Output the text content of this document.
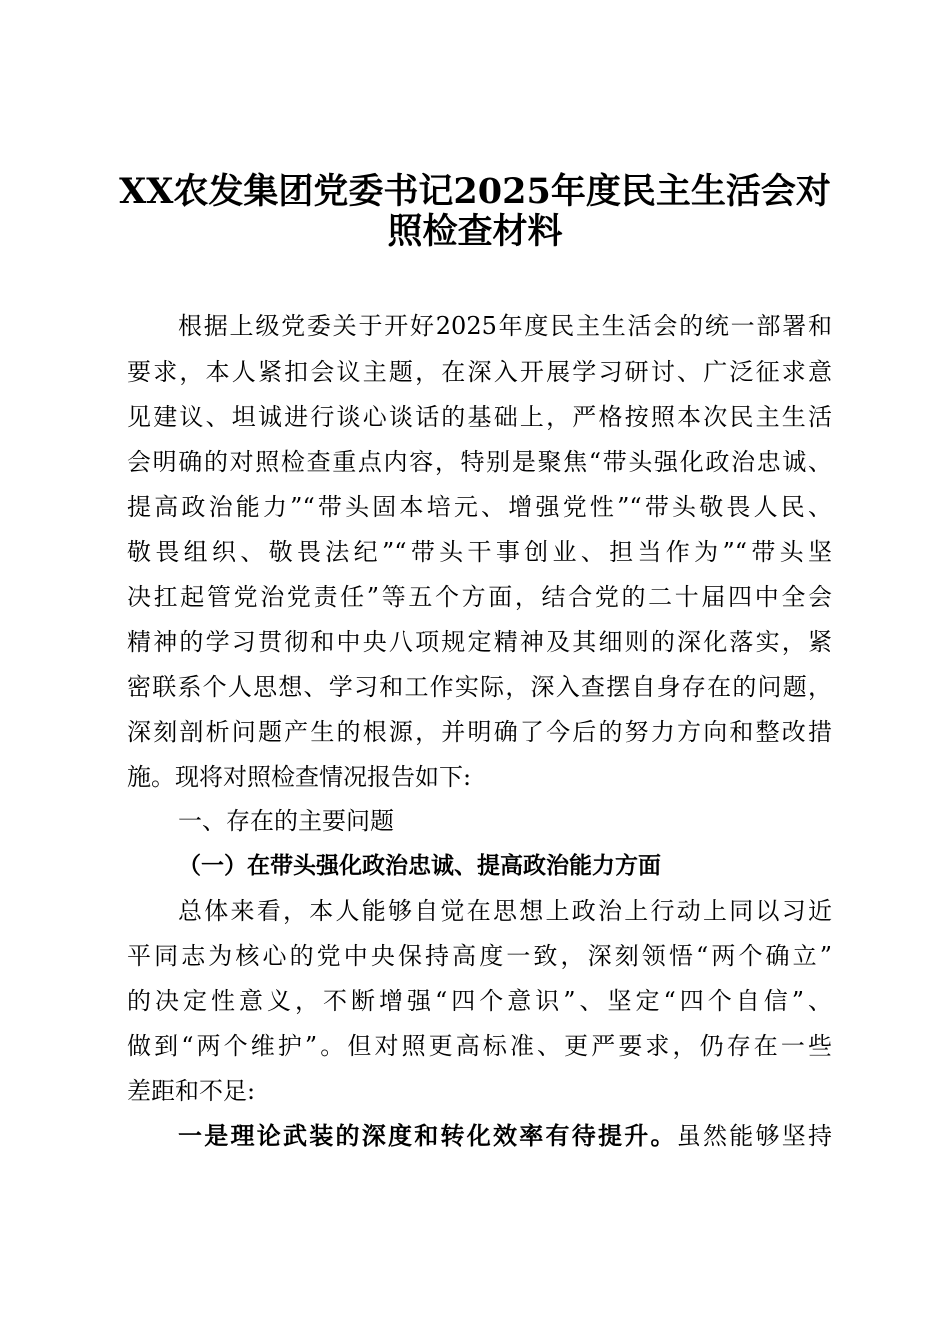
XX农发集团党委书记2025年度民主生活会对
照检查材料
根据上级党委关于开好2025年度民主生活会的统一部署和
要求，本人紧扣会议主题，在深入开展学习研讨、广泛征求意
见建议、坦诚进行谈心谈话的基础上，严格按照本次民主生活
会明确的对照检查重点内容，特别是聚焦“带头强化政治忠诚、
提高政治能力”“带头固本培元、增强党性”“带头敬畏人民、
敬畏组织、敬畏法纪”“带头干事创业、担当作为”“带头坚
决扛起管党治党责任”等五个方面，结合党的二十届四中全会
精神的学习贯彻和中央八项规定精神及其细则的深化落实，紧
密联系个人思想、学习和工作实际，深入查摆自身存在的问题，
深刻剖析问题产生的根源，并明确了今后的努力方向和整改措
施。现将对照检查情况报告如下:
一、存在的主要问题
（一）在带头强化政治忠诚、提高政治能力方面
总体来看，本人能够自觉在思想上政治上行动上同以习近
平同志为核心的党中央保持高度一致，深刻领悟“两个确立”
的决定性意义，不断增强“四个意识”、坚定“四个自信”、
做到“两个维护”。但对照更高标准、更严要求，仍存在一些
差距和不足:
一是理论武装的深度和转化效率有待提升。虽然能够坚持
